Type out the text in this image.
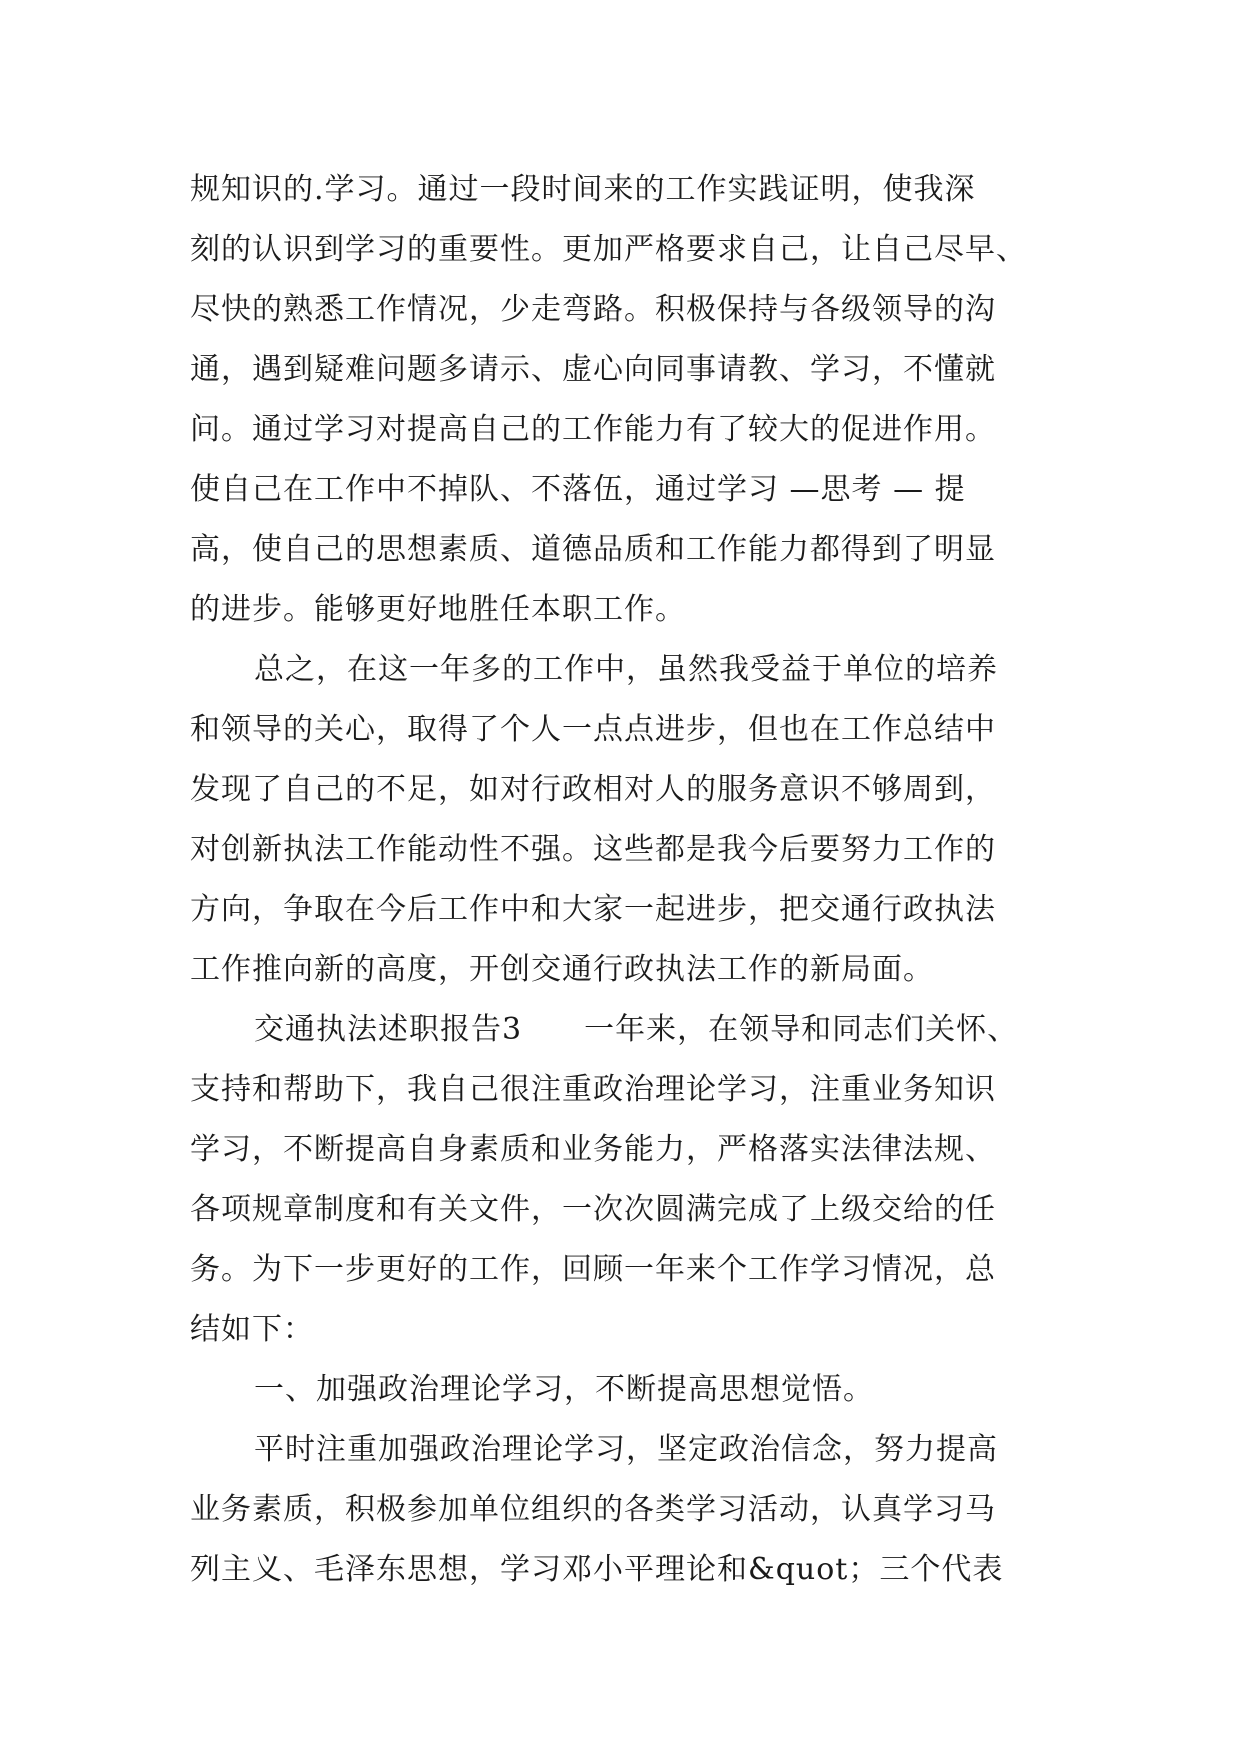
规知识的.学习。通过一段时间来的工作实践证明，使我深
刻的认识到学习的重要性。更加严格要求自己，让自己尽早、
尽快的熟悉工作情况，少走弯路。积极保持与各级领导的沟
通，遇到疑难问题多请示、虚心向同事请教、学习，不懂就
问。通过学习对提高自己的工作能力有了较大的促进作用。
使自己在工作中不掉队、不落伍，通过学习 —思考 — 提
高，使自己的思想素质、道德品质和工作能力都得到了明显
的进步。能够更好地胜任本职工作。
总之，在这一年多的工作中，虽然我受益于单位的培养
和领导的关心，取得了个人一点点进步，但也在工作总结中
发现了自己的不足，如对行政相对人的服务意识不够周到，
对创新执法工作能动性不强。这些都是我今后要努力工作的
方向，争取在今后工作中和大家一起进步，把交通行政执法
工作推向新的高度，开创交通行政执法工作的新局面。
交通执法述职报告3　　一年来，在领导和同志们关怀、
支持和帮助下，我自己很注重政治理论学习，注重业务知识
学习，不断提高自身素质和业务能力，严格落实法律法规、
各项规章制度和有关文件，一次次圆满完成了上级交给的任
务。为下一步更好的工作，回顾一年来个工作学习情况，总
结如下：
一、加强政治理论学习，不断提高思想觉悟。
平时注重加强政治理论学习，坚定政治信念，努力提高
业务素质，积极参加单位组织的各类学习活动，认真学习马
列主义、毛泽东思想，学习邓小平理论和&quot；三个代表
